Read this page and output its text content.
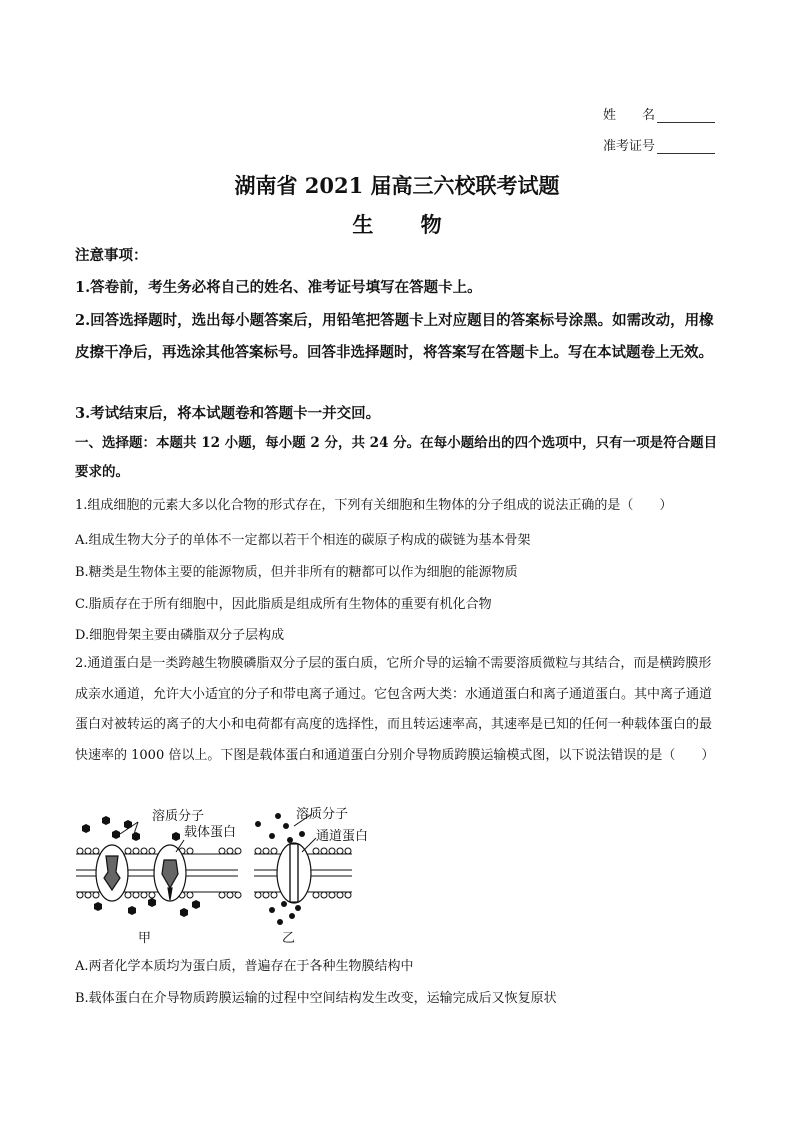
姓　　名
准考证号
湖南省 2021 届高三六校联考试题
生 物

注意事项：

1.答卷前，考生务必将自己的姓名、准考证号填写在答题卡上。

2.回答选择题时，选出每小题答案后，用铅笔把答题卡上对应题目的答案标号涂黑。如需改动，用橡皮擦干净后，再选涂其他答案标号。回答非选择题时，将答案写在答题卡上。写在本试题卷上无效。

3.考试结束后，将本试题卷和答题卡一并交回。

一、选择题：本题共 12 小题，每小题 2 分，共 24 分。在每小题给出的四个选项中，只有一项是符合题目要求的。

1.组成细胞的元素大多以化合物的形式存在，下列有关细胞和生物体的分子组成的说法正确的是（　　）

A.组成生物大分子的单体不一定都以若干个相连的碳原子构成的碳链为基本骨架

B.糖类是生物体主要的能源物质，但并非所有的糖都可以作为细胞的能源物质

C.脂质存在于所有细胞中，因此脂质是组成所有生物体的重要有机化合物

D.细胞骨架主要由磷脂双分子层构成

2.通道蛋白是一类跨越生物膜磷脂双分子层的蛋白质，它所介导的运输不需要溶质微粒与其结合，而是横跨膜形成亲水通道，允许大小适宜的分子和带电离子通过。它包含两大类：水通道蛋白和离子通道蛋白。其中离子通道蛋白对被转运的离子的大小和电荷都有高度的选择性，而且转运速率高，其速率是已知的任何一种载体蛋白的最快速率的 1000 倍以上。下图是载体蛋白和通道蛋白分别介导物质跨膜运输模式图，以下说法错误的是（　　）

溶质分子
载体蛋白
溶质分子
通道蛋白
甲	乙

A.两者化学本质均为蛋白质，普遍存在于各种生物膜结构中

B.载体蛋白在介导物质跨膜运输的过程中空间结构发生改变，运输完成后又恢复原状
